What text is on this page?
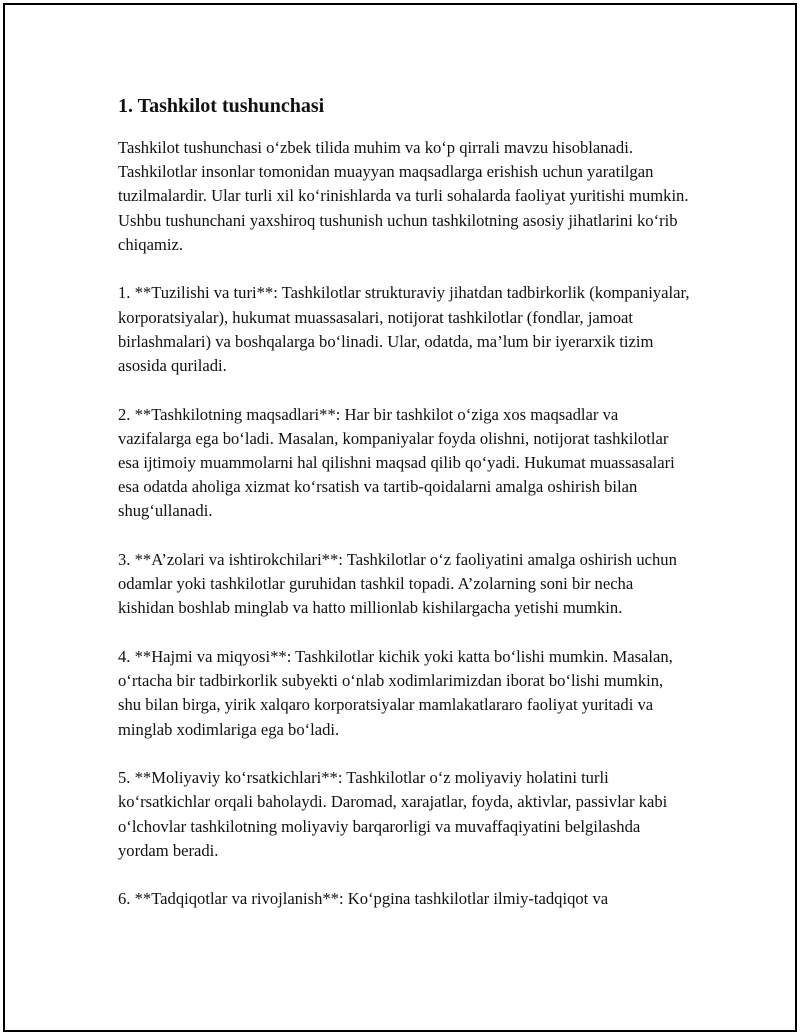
1. Tashkilot tushunchasi

Tashkilot tushunchasi o‘zbek tilida muhim va ko‘p qirrali mavzu hisoblanadi. Tashkilotlar insonlar tomonidan muayyan maqsadlarga erishish uchun yaratilgan tuzilmalardir. Ular turli xil ko‘rinishlarda va turli sohalarda faoliyat yuritishi mumkin. Ushbu tushunchani yaxshiroq tushunish uchun tashkilotning asosiy jihatlarini ko‘rib chiqamiz.

1. **Tuzilishi va turi**: Tashkilotlar strukturaviy jihatdan tadbirkorlik (kompaniyalar, korporatsiyalar), hukumat muassasalari, notijorat tashkilotlar (fondlar, jamoat birlashmalari) va boshqalarga bo‘linadi. Ular, odatda, ma’lum bir iyerarxik tizim asosida quriladi.

2. **Tashkilotning maqsadlari**: Har bir tashkilot o‘ziga xos maqsadlar va vazifalarga ega bo‘ladi. Masalan, kompaniyalar foyda olishni, notijorat tashkilotlar esa ijtimoiy muammolarni hal qilishni maqsad qilib qo‘yadi. Hukumat muassasalari esa odatda aholiga xizmat ko‘rsatish va tartib-qoidalarni amalga oshirish bilan shug‘ullanadi.

3. **A’zolari va ishtirokchilari**: Tashkilotlar o‘z faoliyatini amalga oshirish uchun odamlar yoki tashkilotlar guruhidan tashkil topadi. A’zolarning soni bir necha kishidan boshlab minglab va hatto millionlab kishilargacha yetishi mumkin.

4. **Hajmi va miqyosi**: Tashkilotlar kichik yoki katta bo‘lishi mumkin. Masalan, o‘rtacha bir tadbirkorlik subyekti o‘nlab xodimlarimizdan iborat bo‘lishi mumkin, shu bilan birga, yirik xalqaro korporatsiyalar mamlakatlararo faoliyat yuritadi va minglab xodimlariga ega bo‘ladi.

5. **Moliyaviy ko‘rsatkichlari**: Tashkilotlar o‘z moliyaviy holatini turli ko‘rsatkichlar orqali baholaydi. Daromad, xarajatlar, foyda, aktivlar, passivlar kabi o‘lchovlar tashkilotning moliyaviy barqarorligi va muvaffaqiyatini belgilashda yordam beradi.

6. **Tadqiqotlar va rivojlanish**: Ko‘pgina tashkilotlar ilmiy-tadqiqot va
